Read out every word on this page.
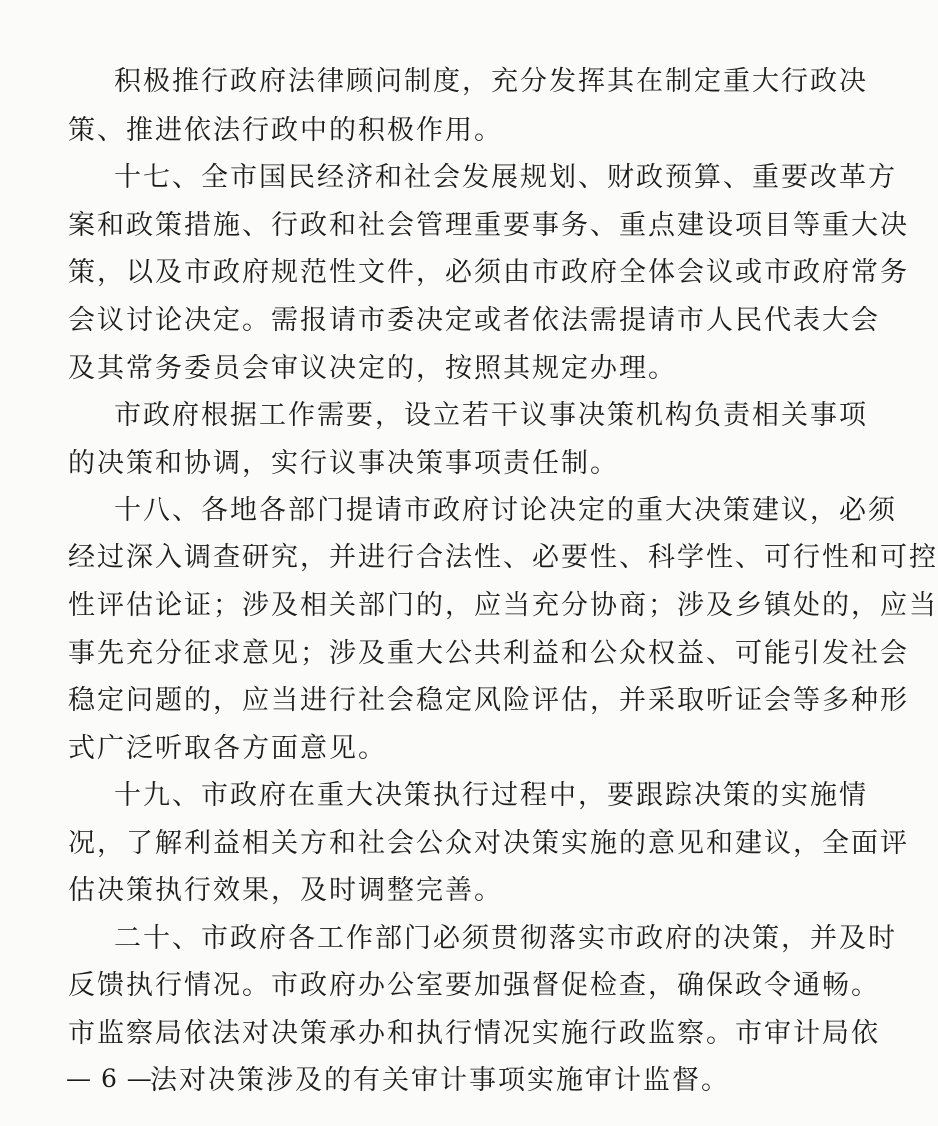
积极推行政府法律顾问制度，充分发挥其在制定重大行政决
策、推进依法行政中的积极作用。
十七、全市国民经济和社会发展规划、财政预算、重要改革方
案和政策措施、行政和社会管理重要事务、重点建设项目等重大决
策，以及市政府规范性文件，必须由市政府全体会议或市政府常务
会议讨论决定。需报请市委决定或者依法需提请市人民代表大会
及其常务委员会审议决定的，按照其规定办理。
市政府根据工作需要，设立若干议事决策机构负责相关事项
的决策和协调，实行议事决策事项责任制。
十八、各地各部门提请市政府讨论决定的重大决策建议，必须
经过深入调查研究，并进行合法性、必要性、科学性、可行性和可控
性评估论证；涉及相关部门的，应当充分协商；涉及乡镇处的，应当
事先充分征求意见；涉及重大公共利益和公众权益、可能引发社会
稳定问题的，应当进行社会稳定风险评估，并采取听证会等多种形
式广泛听取各方面意见。
十九、市政府在重大决策执行过程中，要跟踪决策的实施情
况，了解利益相关方和社会公众对决策实施的意见和建议，全面评
估决策执行效果，及时调整完善。
二十、市政府各工作部门必须贯彻落实市政府的决策，并及时
反馈执行情况。市政府办公室要加强督促检查，确保政令通畅。
市监察局依法对决策承办和执行情况实施行政监察。市审计局依
法对决策涉及的有关审计事项实施审计监督。
— 6 —
